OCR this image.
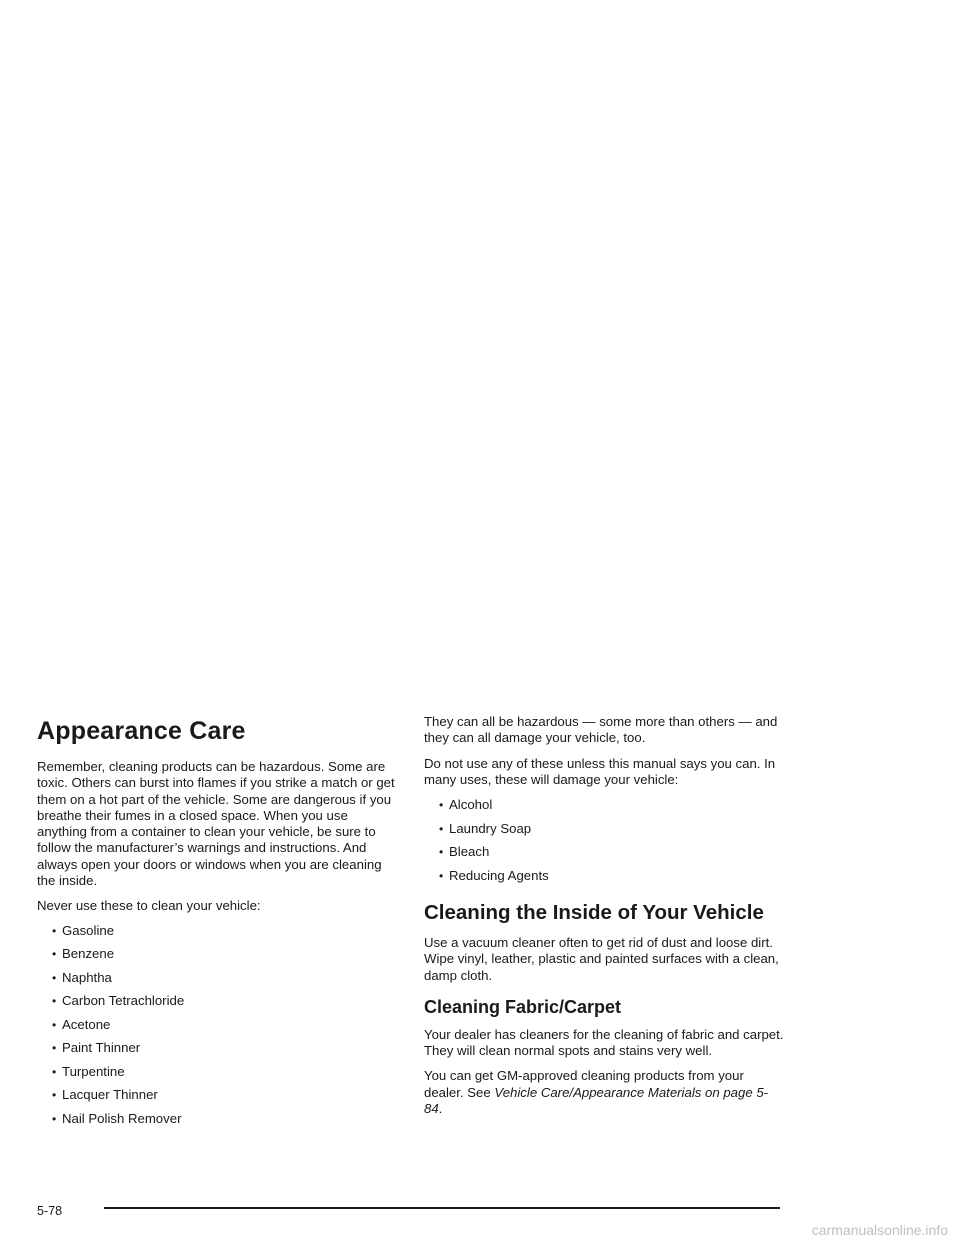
Appearance Care

Remember, cleaning products can be hazardous. Some are toxic. Others can burst into flames if you strike a match or get them on a hot part of the vehicle. Some are dangerous if you breathe their fumes in a closed space. When you use anything from a container to clean your vehicle, be sure to follow the manufacturer’s warnings and instructions. And always open your doors or windows when you are cleaning the inside.

Never use these to clean your vehicle:

• Gasoline
• Benzene
• Naphtha
• Carbon Tetrachloride
• Acetone
• Paint Thinner
• Turpentine
• Lacquer Thinner
• Nail Polish Remover

They can all be hazardous — some more than others — and they can all damage your vehicle, too.

Do not use any of these unless this manual says you can. In many uses, these will damage your vehicle:

• Alcohol
• Laundry Soap
• Bleach
• Reducing Agents
Cleaning the Inside of Your Vehicle

Use a vacuum cleaner often to get rid of dust and loose dirt. Wipe vinyl, leather, plastic and painted surfaces with a clean, damp cloth.

Cleaning Fabric/Carpet

Your dealer has cleaners for the cleaning of fabric and carpet. They will clean normal spots and stains very well.

You can get GM-approved cleaning products from your dealer. See Vehicle Care/Appearance Materials on page 5-84.

5-78
carmanualsonline.info
